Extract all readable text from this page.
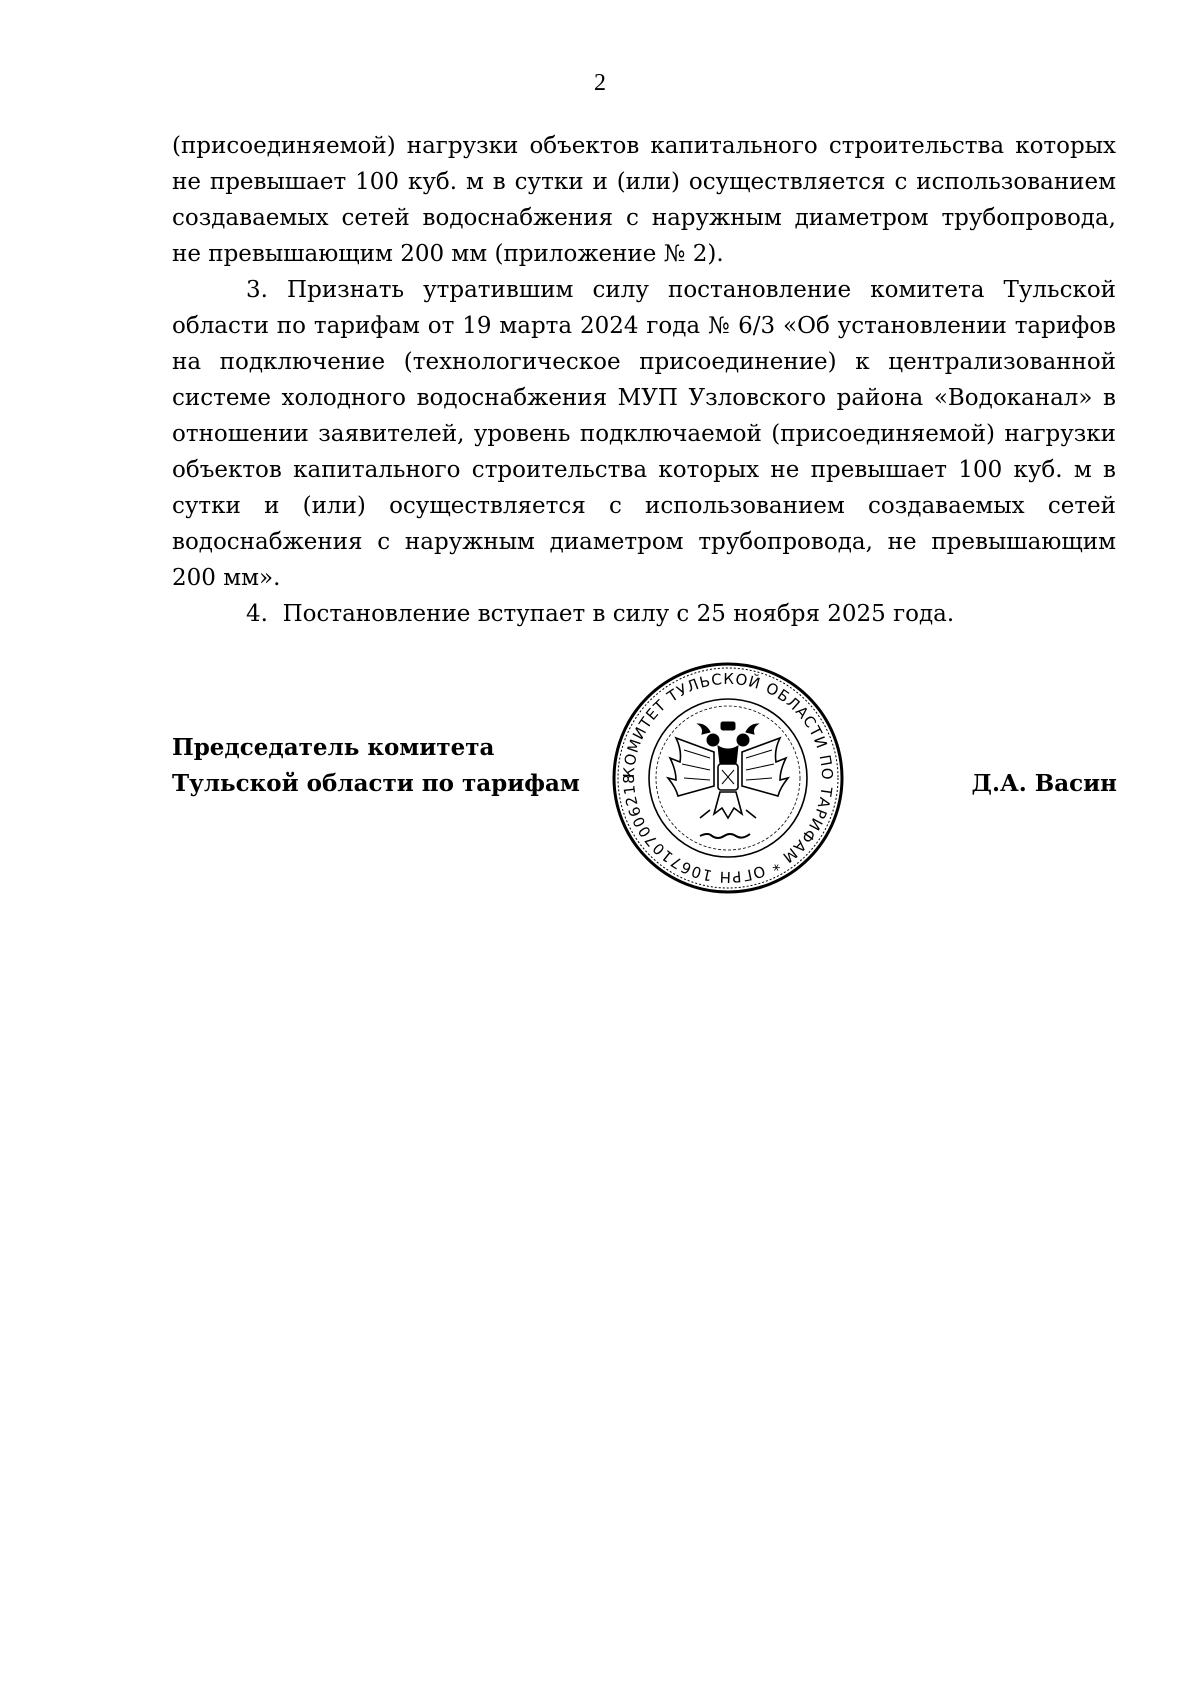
2

(присоединяемой) нагрузки объектов капитального строительства которых не превышает 100 куб. м в сутки и (или) осуществляется с использованием создаваемых сетей водоснабжения с наружным диаметром трубопровода, не превышающим 200 мм (приложение № 2).

3. Признать утратившим силу постановление комитета Тульской области по тарифам от 19 марта 2024 года № 6/3 «Об установлении тарифов на подключение (технологическое присоединение) к централизованной системе холодного водоснабжения МУП Узловского района «Водоканал» в отношении заявителей, уровень подключаемой (присоединяемой) нагрузки объектов капитального строительства которых не превышает 100 куб. м в сутки и (или) осуществляется с использованием создаваемых сетей водоснабжения с наружным диаметром трубопровода, не превышающим 200 мм».

4.  Постановление вступает в силу с 25 ноября 2025 года.

Председатель комитета
Тульской области по тарифам	КОМИТЕТ ТУЛЬСКОЙ ОБЛАСТИ ПО ТАРИФАМ * ОГРН 1067107006218	Д.А. Васин
